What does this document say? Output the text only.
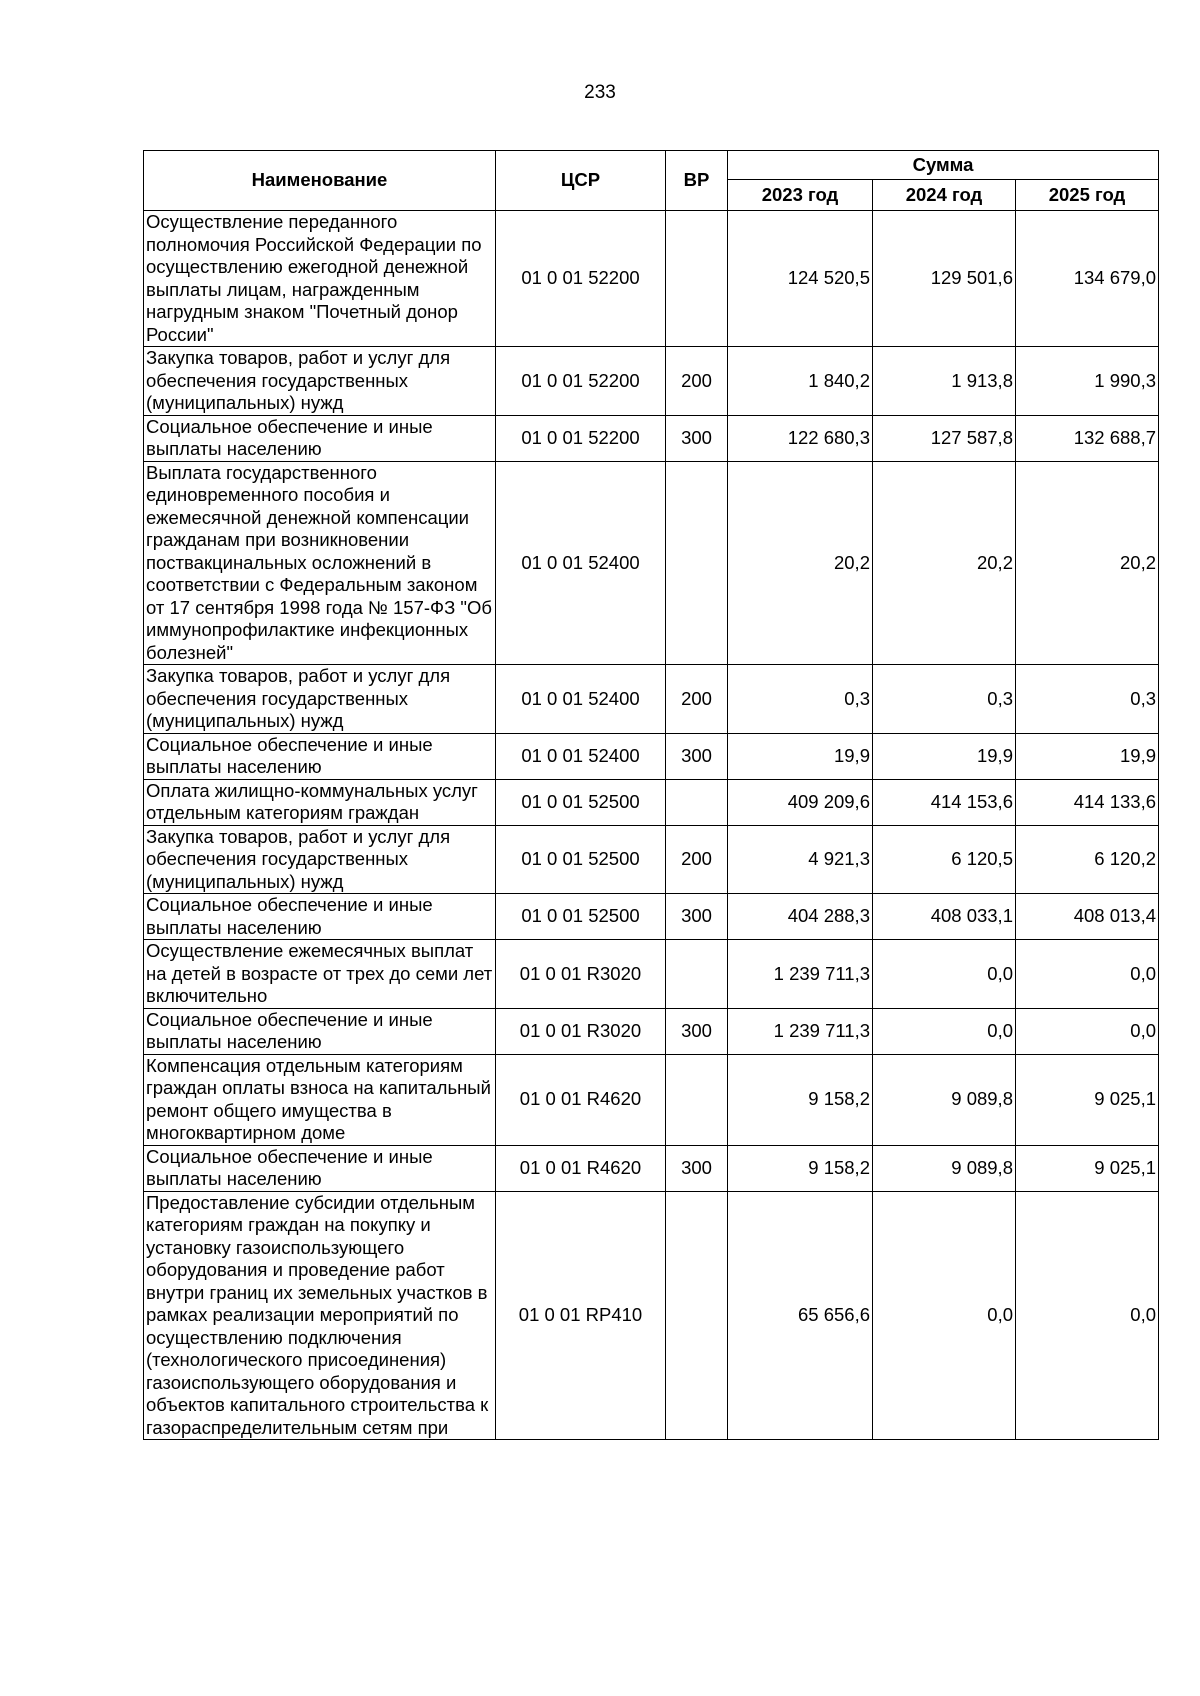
233
Наименование	ЦСР	ВР	Сумма		
			2023 год	2024 год	2025 год
Осуществление переданного полномочия Российской Федерации по осуществлению ежегодной денежной выплаты лицам, награжденным нагрудным знаком "Почетный донор России"	01 0 01 52200		124 520,5	129 501,6	134 679,0
Закупка товаров, работ и услуг для обеспечения государственных (муниципальных) нужд	01 0 01 52200	200	1 840,2	1 913,8	1 990,3
Социальное обеспечение и иные выплаты населению	01 0 01 52200	300	122 680,3	127 587,8	132 688,7
Выплата государственного единовременного пособия и ежемесячной денежной компенсации гражданам при возникновении поствакцинальных осложнений в соответствии с Федеральным законом от 17 сентября 1998 года № 157-ФЗ "Об иммунопрофилактике инфекционных болезней"	01 0 01 52400		20,2	20,2	20,2
Закупка товаров, работ и услуг для обеспечения государственных (муниципальных) нужд	01 0 01 52400	200	0,3	0,3	0,3
Социальное обеспечение и иные выплаты населению	01 0 01 52400	300	19,9	19,9	19,9
Оплата жилищно-коммунальных услуг отдельным категориям граждан	01 0 01 52500		409 209,6	414 153,6	414 133,6
Закупка товаров, работ и услуг для обеспечения государственных (муниципальных) нужд	01 0 01 52500	200	4 921,3	6 120,5	6 120,2
Социальное обеспечение и иные выплаты населению	01 0 01 52500	300	404 288,3	408 033,1	408 013,4
Осуществление ежемесячных выплат на детей в возрасте от трех до семи лет включительно	01 0 01 R3020		1 239 711,3	0,0	0,0
Социальное обеспечение и иные выплаты населению	01 0 01 R3020	300	1 239 711,3	0,0	0,0
Компенсация отдельным категориям граждан оплаты взноса на капитальный ремонт общего имущества в многоквартирном доме	01 0 01 R4620		9 158,2	9 089,8	9 025,1
Социальное обеспечение и иные выплаты населению	01 0 01 R4620	300	9 158,2	9 089,8	9 025,1
Предоставление субсидии отдельным категориям граждан на покупку и установку газоиспользующего оборудования и проведение работ внутри границ их земельных участков в рамках реализации мероприятий по осуществлению подключения (технологического присоединения) газоиспользующего оборудования и объектов капитального строительства к газораспределительным сетям при	01 0 01 RP410		65 656,6	0,0	0,0
